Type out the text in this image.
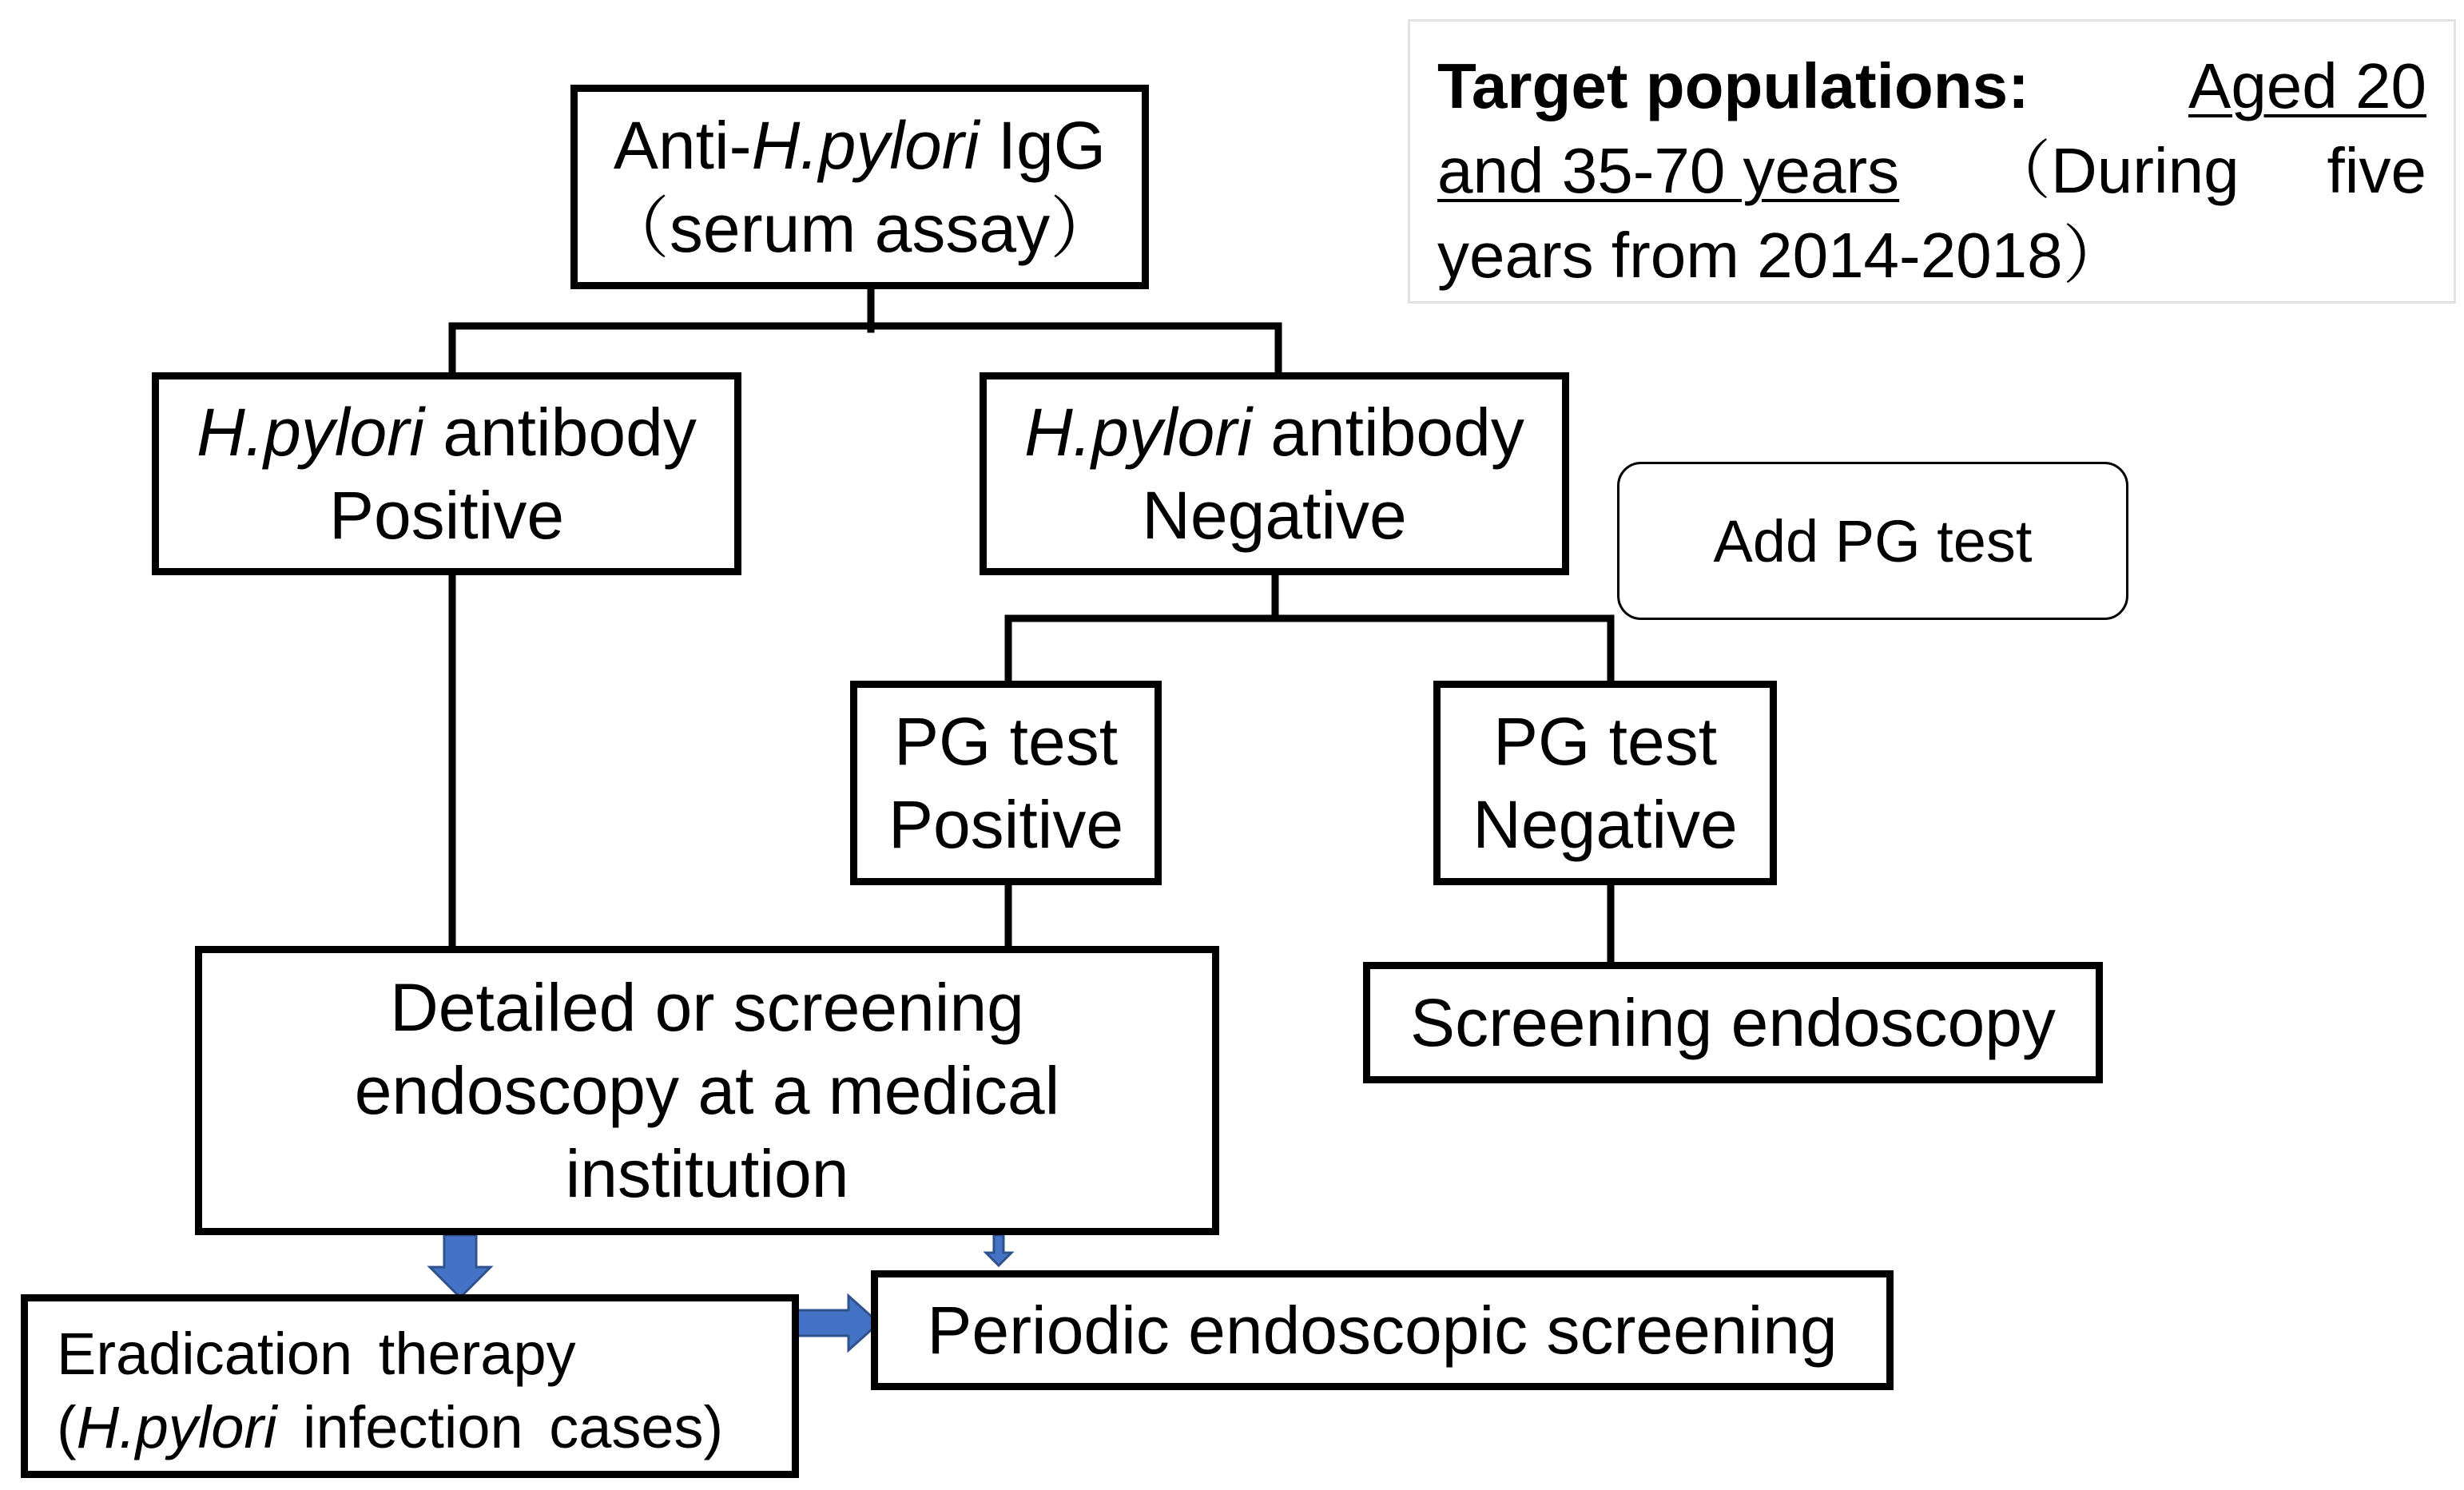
Target populations: Aged 20
and 35-70 years （During five
years from 2014-2018）
Anti-H.pylori IgG
（serum assay）
H.pylori antibody
Positive
H.pylori antibody
Negative	Add PG test
PG test
Positive
PG test
Negative
Detailed or screening
endoscopy at a medical
institution
Screening endoscopy
Eradication therapy
(H.pylori infection cases)
Periodic endoscopic screening
